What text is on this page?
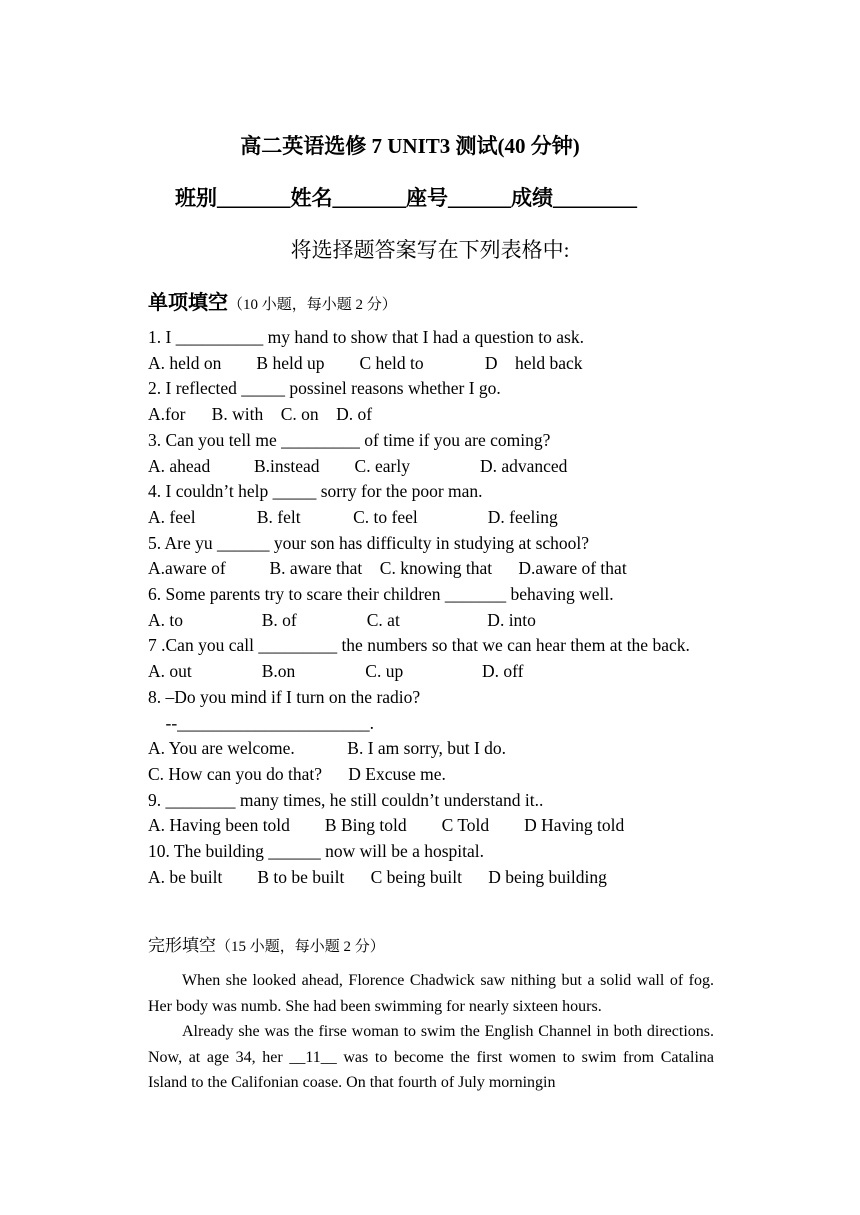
高二英语选修 7 UNIT3 测试(40 分钟)
班别_______姓名_______座号______成绩________
将选择题答案写在下列表格中:
单项填空（10 小题，每小题 2 分）
1. I __________ my hand to show that I had a question to ask.
A. held on        B held up        C held to              D    held back
2. I reflected _____ possinel reasons whether I go.
A.for      B. with    C. on    D. of
3. Can you tell me _________ of time if you are coming?
A. ahead          B.instead        C. early                D. advanced
4. I couldn’t help _____ sorry for the poor man.
A. feel              B. felt            C. to feel                D. feeling
5. Are yu ______ your son has difficulty in studying at school?
A.aware of          B. aware that    C. knowing that      D.aware of that
6. Some parents try to scare their children _______ behaving well.
A. to                  B. of                C. at                    D. into
7 .Can you call _________ the numbers so that we can hear them at the back.
A. out                B.on                C. up                  D. off
8. –Do you mind if I turn on the radio?
--______________________.
A. You are welcome.            B. I am sorry, but I do.
C. How can you do that?      D Excuse me.
9. ________ many times, he still couldn’t understand it..
A. Having been told        B Bing told        C Told        D Having told
10. The building ______ now will be a hospital.
A. be built        B to be built      C being built      D being building
完形填空（15 小题，每小题 2 分）

When she looked ahead, Florence Chadwick saw nithing but a solid wall of fog. Her body was numb. She had been swimming for nearly sixteen hours.

Already she was the firse woman to swim the English Channel in both directions. Now, at age 34, her __11__ was to become the first women to swim from Catalina Island to the Califonian coase. On that fourth of July morningin
